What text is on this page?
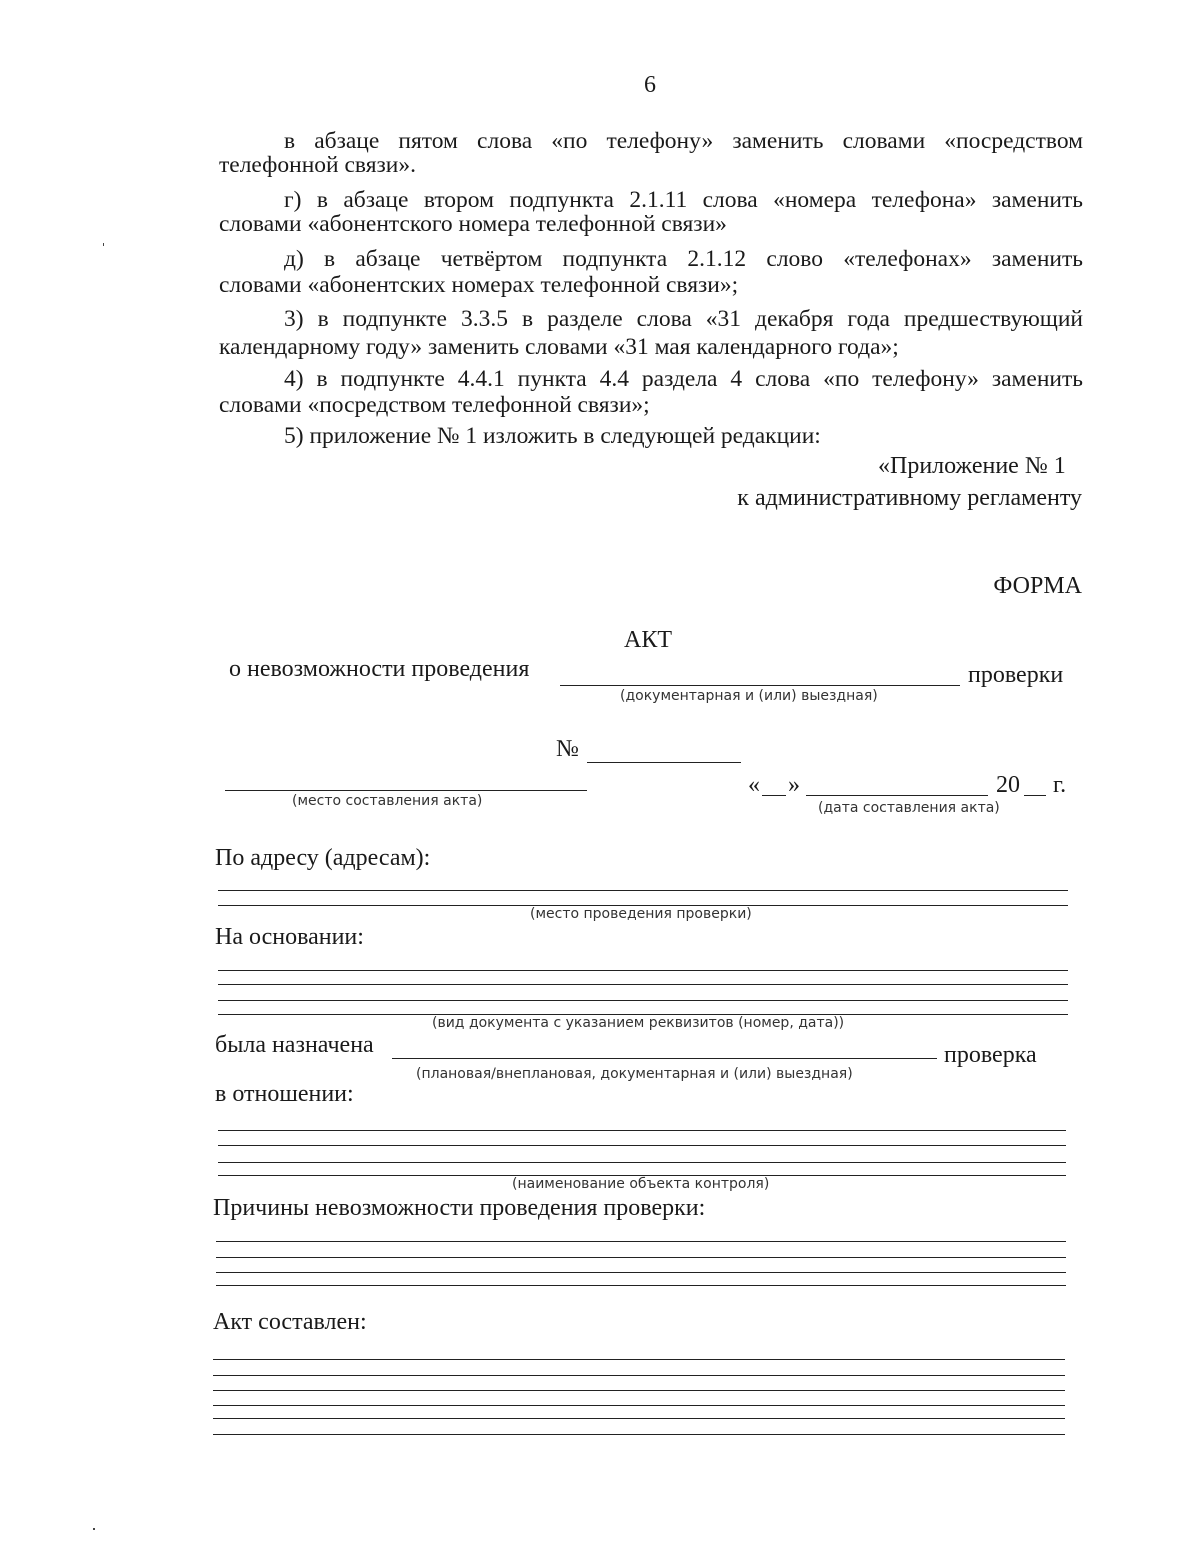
6
в абзаце пятом слова «по телефону» заменить словами «посредством
телефонной связи».
г) в абзаце втором подпункта 2.1.11 слова «номера телефона» заменить
словами «абонентского номера телефонной связи»
д) в абзаце четвёртом подпункта 2.1.12 слово «телефонах» заменить
словами «абонентских номерах телефонной связи»;
3) в подпункте 3.3.5 в разделе слова «31 декабря года предшествующий
календарному году» заменить словами «31 мая календарного года»;
4) в подпункте 4.4.1 пункта 4.4 раздела 4 слова «по телефону» заменить
словами «посредством телефонной связи»;
5) приложение № 1 изложить в следующей редакции:
«Приложение № 1
к административному регламенту
ФОРМА
АКТ
о невозможности проведения	проверки
(документарная и (или) выездная)
№
(место составления акта)
« »	20 г.
(дата составления акта)
По адресу (адресам):
(место проведения проверки)
На основании:
(вид документа с указанием реквизитов (номер, дата))
была назначена	проверка
(плановая/внеплановая, документарная и (или) выездная)
в отношении:
(наименование объекта контроля)
Причины невозможности проведения проверки:
Акт составлен:
